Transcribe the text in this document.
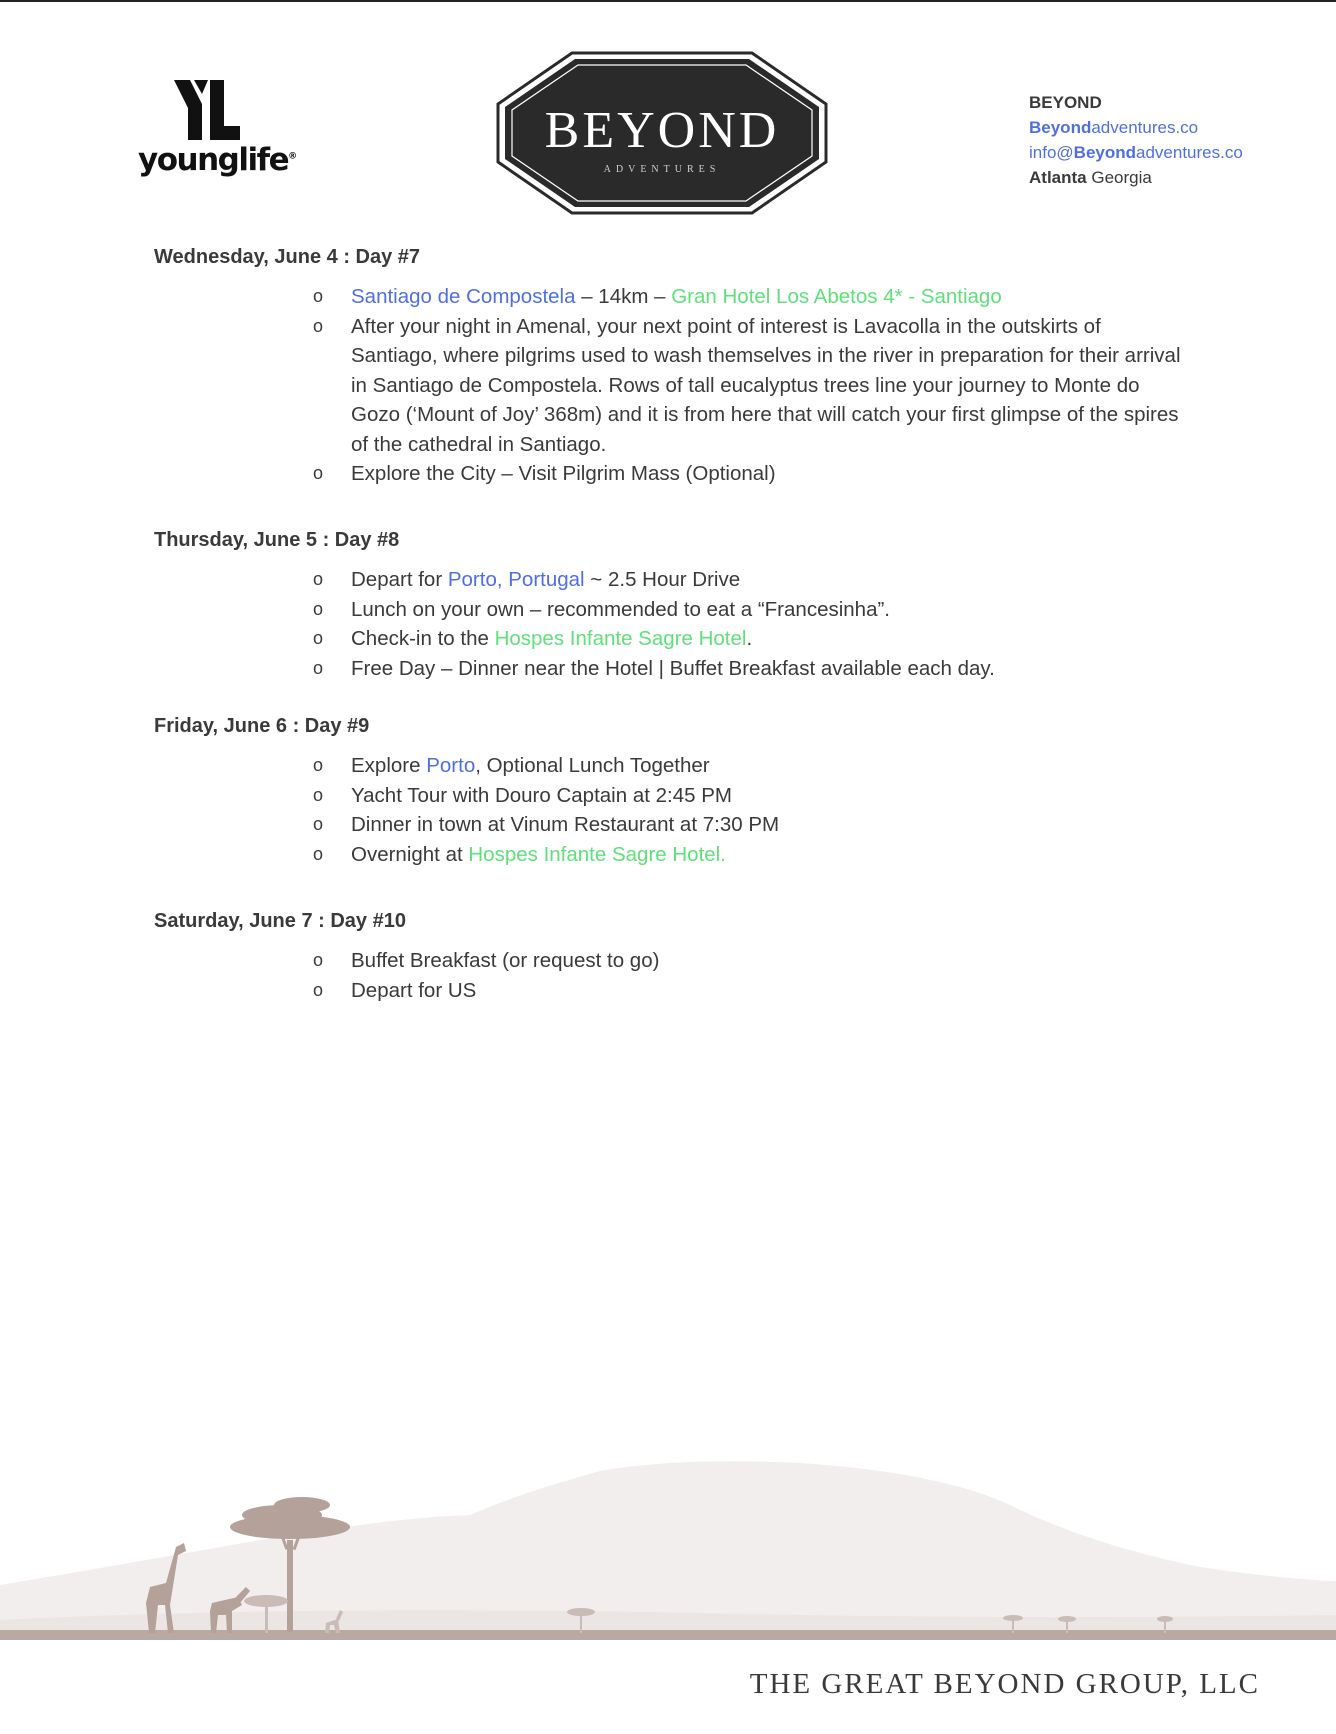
younglife®	BEYOND
ADVENTURES
BEYOND
Beyondadventures.co
info@Beyondadventures.co
Atlanta Georgia
Wednesday, June 4 : Day #7
o Santiago de Compostela – 14km – Gran Hotel Los Abetos 4* - Santiago
o After your night in Amenal, your next point of interest is Lavacolla in the outskirts of Santiago, where pilgrims used to wash themselves in the river in preparation for their arrival in Santiago de Compostela. Rows of tall eucalyptus trees line your journey to Monte do Gozo (‘Mount of Joy’ 368m) and it is from here that will catch your first glimpse of the spires of the cathedral in Santiago.
o Explore the City – Visit Pilgrim Mass (Optional)
Thursday, June 5 : Day #8
o Depart for Porto, Portugal ~ 2.5 Hour Drive
o Lunch on your own – recommended to eat a “Francesinha”.
o Check-in to the Hospes Infante Sagre Hotel.
o Free Day – Dinner near the Hotel | Buffet Breakfast available each day.
Friday, June 6 : Day #9
o Explore Porto, Optional Lunch Together
o Yacht Tour with Douro Captain at 2:45 PM
o Dinner in town at Vinum Restaurant at 7:30 PM
o Overnight at Hospes Infante Sagre Hotel.
Saturday, June 7 : Day #10
o Buffet Breakfast (or request to go)
o Depart for US
THE GREAT BEYOND GROUP, LLC
